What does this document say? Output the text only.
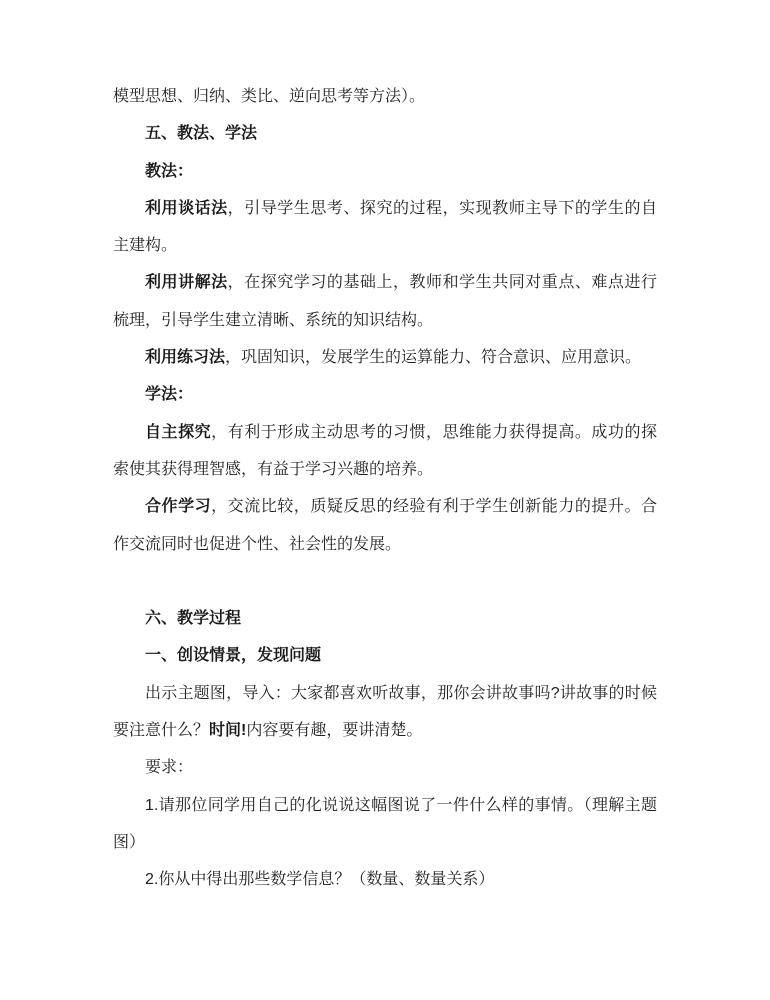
模型思想、归纳、类比、逆向思考等方法）。

五、教法、学法

教法：

利用谈话法，引导学生思考、探究的过程，实现教师主导下的学生的自主建构。

利用讲解法，在探究学习的基础上，教师和学生共同对重点、难点进行梳理，引导学生建立清晰、系统的知识结构。

利用练习法，巩固知识，发展学生的运算能力、符合意识、应用意识。

学法：

自主探究，有利于形成主动思考的习惯，思维能力获得提高。成功的探索使其获得理智感，有益于学习兴趣的培养。

合作学习，交流比较，质疑反思的经验有利于学生创新能力的提升。合作交流同时也促进个性、社会性的发展。

六、教学过程

一、创设情景，发现问题

出示主题图，导入：大家都喜欢听故事，那你会讲故事吗?讲故事的时候要注意什么？时间!内容要有趣，要讲清楚。

要求：

1.请那位同学用自己的化说说这幅图说了一件什么样的事情。（理解主题图）

2.你从中得出那些数学信息？（数量、数量关系）
